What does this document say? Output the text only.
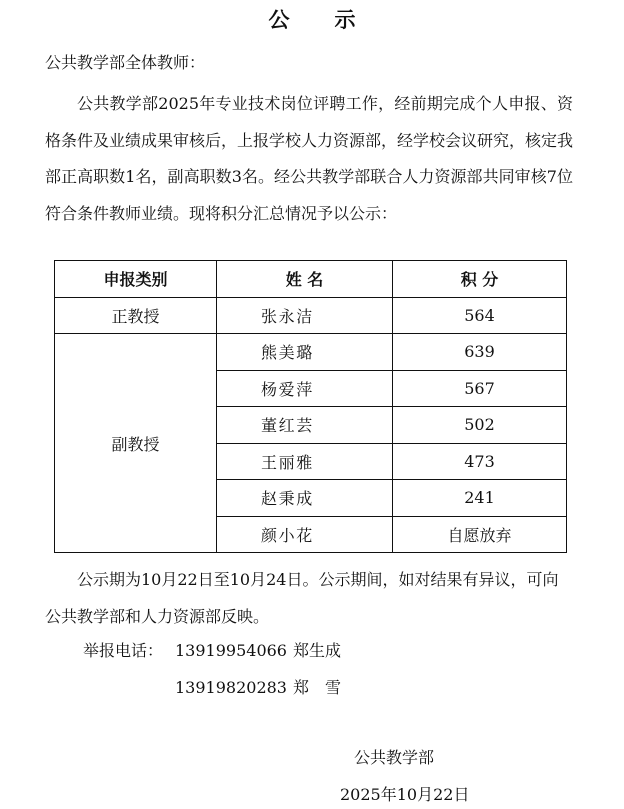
公 示
公共教学部全体教师：
公共教学部2025年专业技术岗位评聘工作，经前期完成个人申报、资格条件及业绩成果审核后，上报学校人力资源部，经学校会议研究，核定我部正高职数1名，副高职数3名。经公共教学部联合人力资源部共同审核7位符合条件教师业绩。现将积分汇总情况予以公示：
申报类别	姓 名	积 分
正教授	张永洁	564
副教授	熊美璐	639
	杨爱萍	567
	董红芸	502
	王丽雅	473
	赵秉成	241
	颜小花	自愿放弃
公示期为10月22日至10月24日。公示期间，如对结果有异议，可向公共教学部和人力资源部反映。
举报电话： 13919954066 郑生成
13919820283 郑　雪
公共教学部
2025年10月22日
